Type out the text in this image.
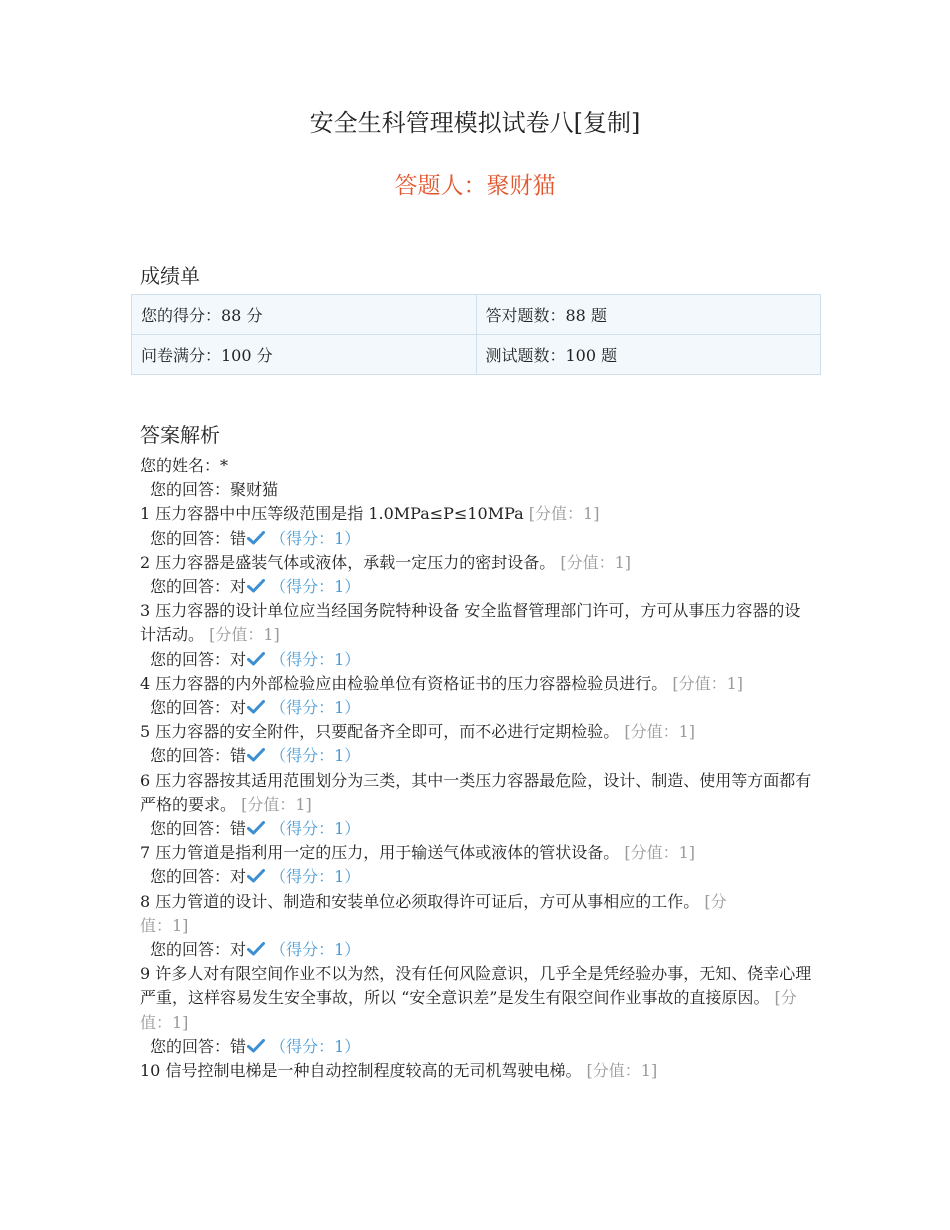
安全生科管理模拟试卷八[复制]
答题人：聚财猫
成绩单
您的得分：88 分	答对题数：88 题
问卷满分：100 分	测试题数：100 题
答案解析

您的姓名：*

您的回答：聚财猫

1 压力容器中中压等级范围是指 1.0MPa≤P≤10MPa [分值：1]

您的回答：错 （得分：1）

2 压力容器是盛装气体或液体，承载一定压力的密封设备。 [分值：1]

您的回答：对 （得分：1）

3 压力容器的设计单位应当经国务院特种设备 安全监督管理部门许可，方可从事压力容器的设计活动。 [分值：1]

您的回答：对 （得分：1）

4 压力容器的内外部检验应由检验单位有资格证书的压力容器检验员进行。 [分值：1]

您的回答：对 （得分：1）

5 压力容器的安全附件，只要配备齐全即可，而不必进行定期检验。 [分值：1]

您的回答：错 （得分：1）

6 压力容器按其适用范围划分为三类，其中一类压力容器最危险，设计、制造、使用等方面都有严格的要求。 [分值：1]

您的回答：错 （得分：1）

7 压力管道是指利用一定的压力，用于输送气体或液体的管状设备。 [分值：1]

您的回答：对 （得分：1）

8 压力管道的设计、制造和安装单位必须取得许可证后，方可从事相应的工作。 [分值：1]

您的回答：对 （得分：1）

9 许多人对有限空间作业不以为然，没有任何风险意识，几乎全是凭经验办事，无知、侥幸心理严重，这样容易发生安全事故，所以 “安全意识差”是发生有限空间作业事故的直接原因。 [分值：1]

您的回答：错 （得分：1）

10 信号控制电梯是一种自动控制程度较高的无司机驾驶电梯。 [分值：1]
